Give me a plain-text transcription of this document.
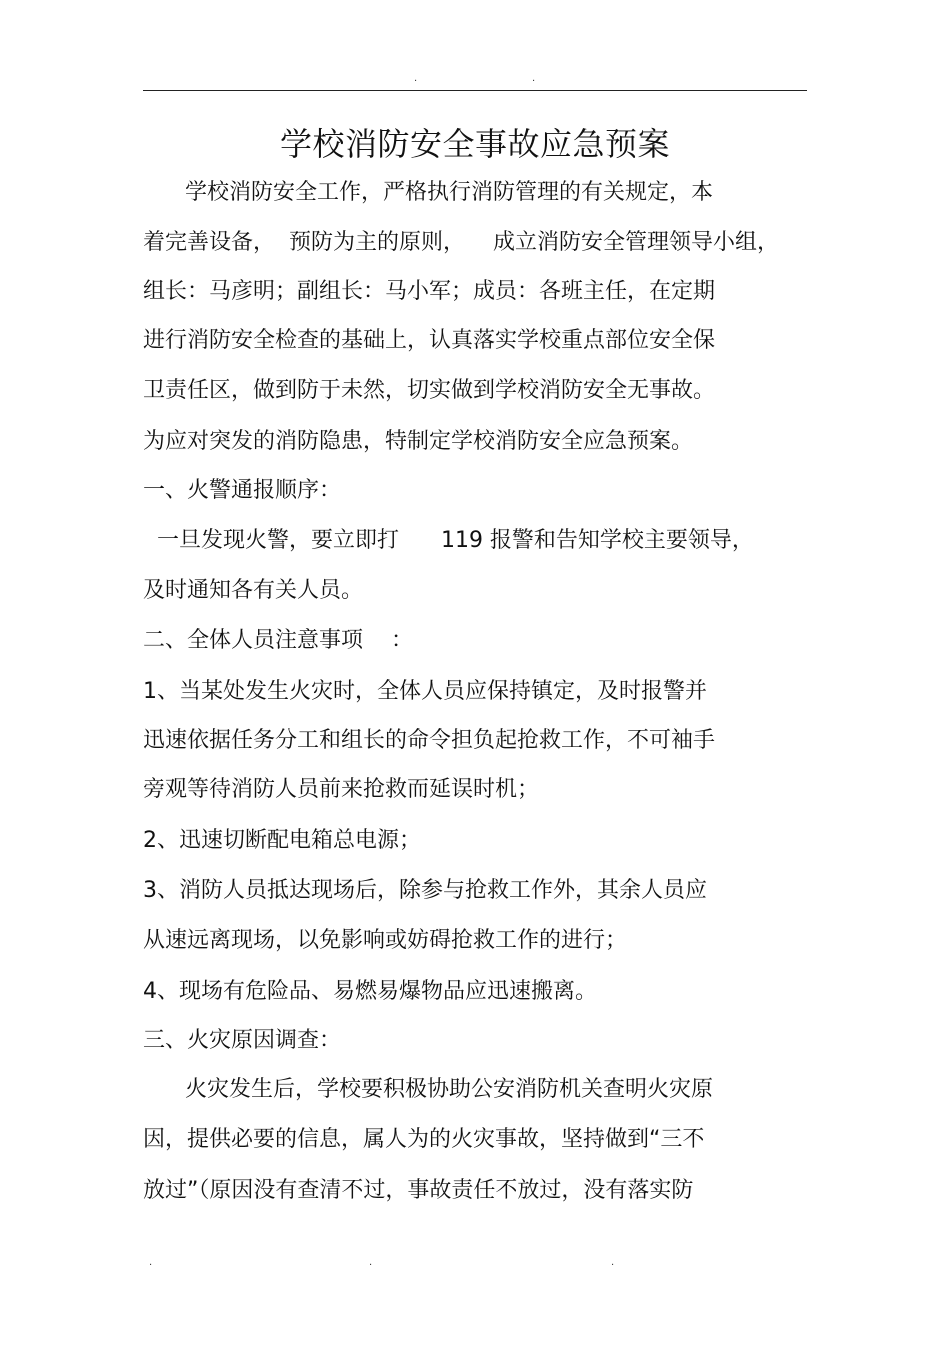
.	.
学校消防安全事故应急预案

学校消防安全工作，严格执行消防管理的有关规定，本

着完善设备，  预防为主的原则，    成立消防安全管理领导小组，

组长：马彦明；副组长：马小军；成员：各班主任，在定期

进行消防安全检查的基础上，认真落实学校重点部位安全保

卫责任区，做到防于未然，切实做到学校消防安全无事故。

为应对突发的消防隐患，特制定学校消防安全应急预案。

一、火警通报顺序：

一旦发现火警，要立即打      119 报警和告知学校主要领导，

及时通知各有关人员。

二、全体人员注意事项    ：

1、当某处发生火灾时，全体人员应保持镇定，及时报警并

迅速依据任务分工和组长的命令担负起抢救工作，不可袖手

旁观等待消防人员前来抢救而延误时机；

2、迅速切断配电箱总电源；

3、消防人员抵达现场后，除参与抢救工作外，其余人员应

从速远离现场，以免影响或妨碍抢救工作的进行；

4、现场有危险品、易燃易爆物品应迅速搬离。

三、火灾原因调查：

火灾发生后，学校要积极协助公安消防机关查明火灾原

因，提供必要的信息，属人为的火灾事故，坚持做到“三不

放过”（原因没有查清不过，事故责任不放过，没有落实防

.	.	.
